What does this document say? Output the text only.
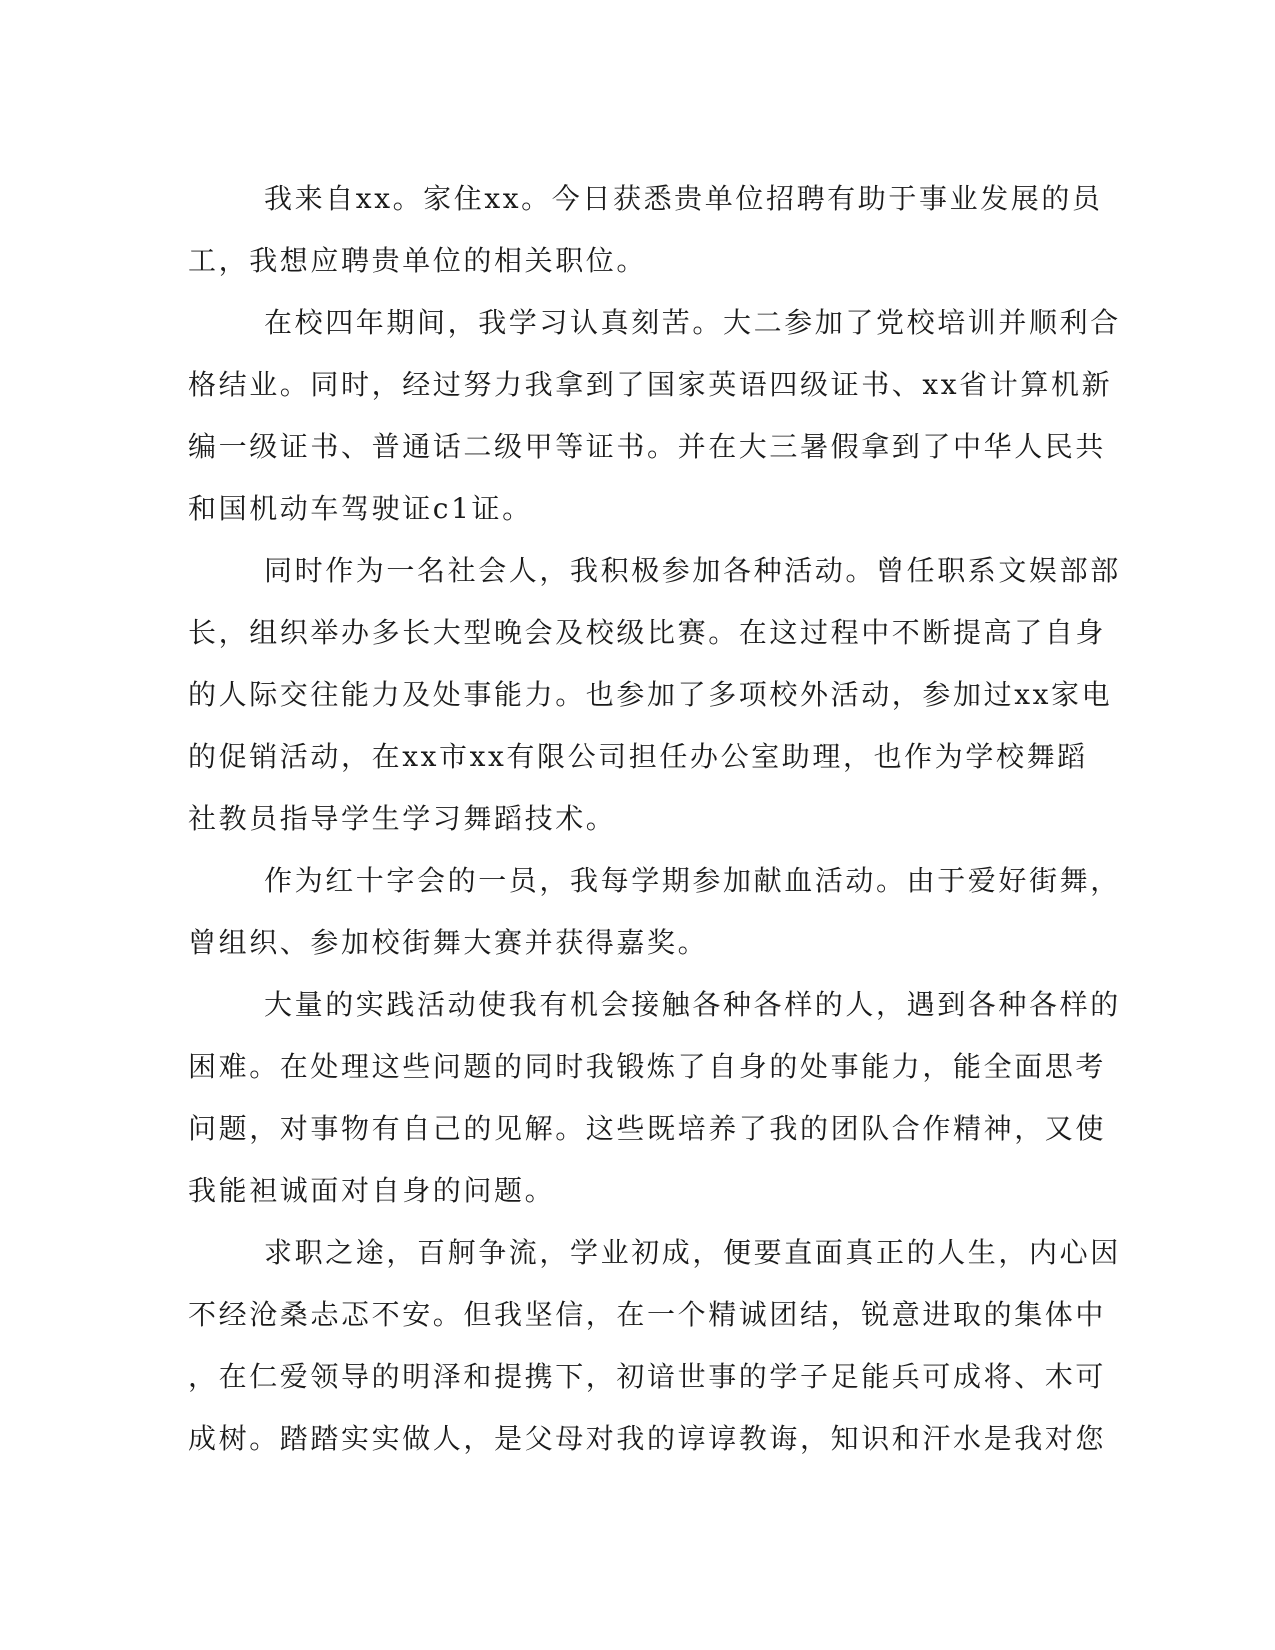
我来自xx。家住xx。今日获悉贵单位招聘有助于事业发展的员
工，我想应聘贵单位的相关职位。
在校四年期间，我学习认真刻苦。大二参加了党校培训并顺利合
格结业。同时，经过努力我拿到了国家英语四级证书、xx省计算机新
编一级证书、普通话二级甲等证书。并在大三暑假拿到了中华人民共
和国机动车驾驶证c1证。
同时作为一名社会人，我积极参加各种活动。曾任职系文娱部部
长，组织举办多长大型晚会及校级比赛。在这过程中不断提高了自身
的人际交往能力及处事能力。也参加了多项校外活动，参加过xx家电
的促销活动，在xx市xx有限公司担任办公室助理，也作为学校舞蹈
社教员指导学生学习舞蹈技术。
作为红十字会的一员，我每学期参加献血活动。由于爱好街舞，
曾组织、参加校街舞大赛并获得嘉奖。
大量的实践活动使我有机会接触各种各样的人，遇到各种各样的
困难。在处理这些问题的同时我锻炼了自身的处事能力，能全面思考
问题，对事物有自己的见解。这些既培养了我的团队合作精神，又使
我能袒诚面对自身的问题。
求职之途，百舸争流，学业初成，便要直面真正的人生，内心因
不经沧桑忐忑不安。但我坚信，在一个精诚团结，锐意进取的集体中
，在仁爱领导的明泽和提携下，初谙世事的学子足能兵可成将、木可
成树。踏踏实实做人，是父母对我的谆谆教诲，知识和汗水是我对您
